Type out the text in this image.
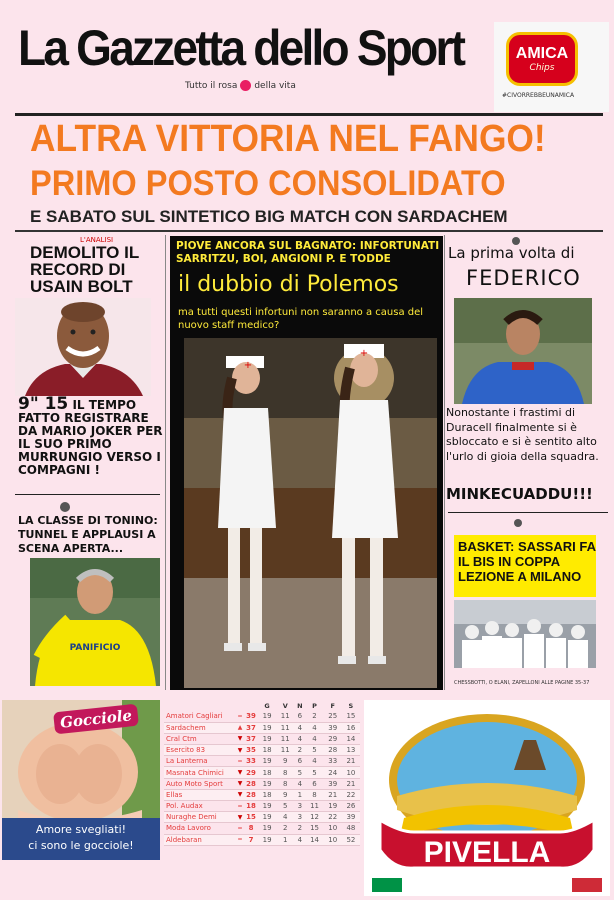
La Gazzetta dello Sport
Tutto il rosa della vita
AMICA
Chips
#CIVORREBBEUNAMICA
ALTRA VITTORIA NEL FANGO!
PRIMO POSTO CONSOLIDATO
E SABATO SUL SINTETICO BIG MATCH CON SARDACHEM
L'ANALISI
DEMOLITO IL RECORD DI USAIN BOLT
9" 15 IL TEMPO FATTO REGISTRARE DA MARIO JOKER PER IL SUO PRIMO MURRUNGIO VERSO I COMPAGNI !
LA CLASSE DI TONINO: TUNNEL E APPLAUSI A SCENA APERTA...
PANIFICIO
PIOVE ANCORA SUL BAGNATO: INFORTUNATI SARRITZU, BOI, ANGIONI P. E TODDE
il dubbio di Polemos
ma tutti questi infortuni non saranno a causa del nuovo staff medico?
+
+
La prima volta di
FEDERICO
Nonostante i frastimi di Duracell finalmente si è sbloccato e si è sentito alto l'urlo di gioia della squadra.
MINKECUADDU!!!
BASKET: SASSARI FA IL BIS IN COPPA LEZIONE A MILANO
CHESSBOTTI, O ELANI, ZAPELLONI ALLE PAGINE 35-37
Gocciole
Amore svegliati!
ci sono le gocciole!
			G	V	N	P	F	S
Amatori Cagliari	=	39	19	11	6	2	25	15
Sardachem	▲	37	19	11	4	4	39	16
Cral Ctm	▼	37	19	11	4	4	29	14
Esercito 83	▼	35	18	11	2	5	28	13
La Lanterna	=	33	19	9	6	4	33	21
Masnata Chimici	▼	29	18	8	5	5	24	10
Auto Moto Sport	▼	28	19	8	4	6	39	21
Ellas	▼	28	18	9	1	8	21	22
Pol. Audax	=	18	19	5	3	11	19	26
Nuraghe Demi	▼	15	19	4	3	12	22	39
Moda Lavoro	=	8	19	2	2	15	10	48
Aldebaran	=	7	19	1	4	14	10	52 PIVELLA
